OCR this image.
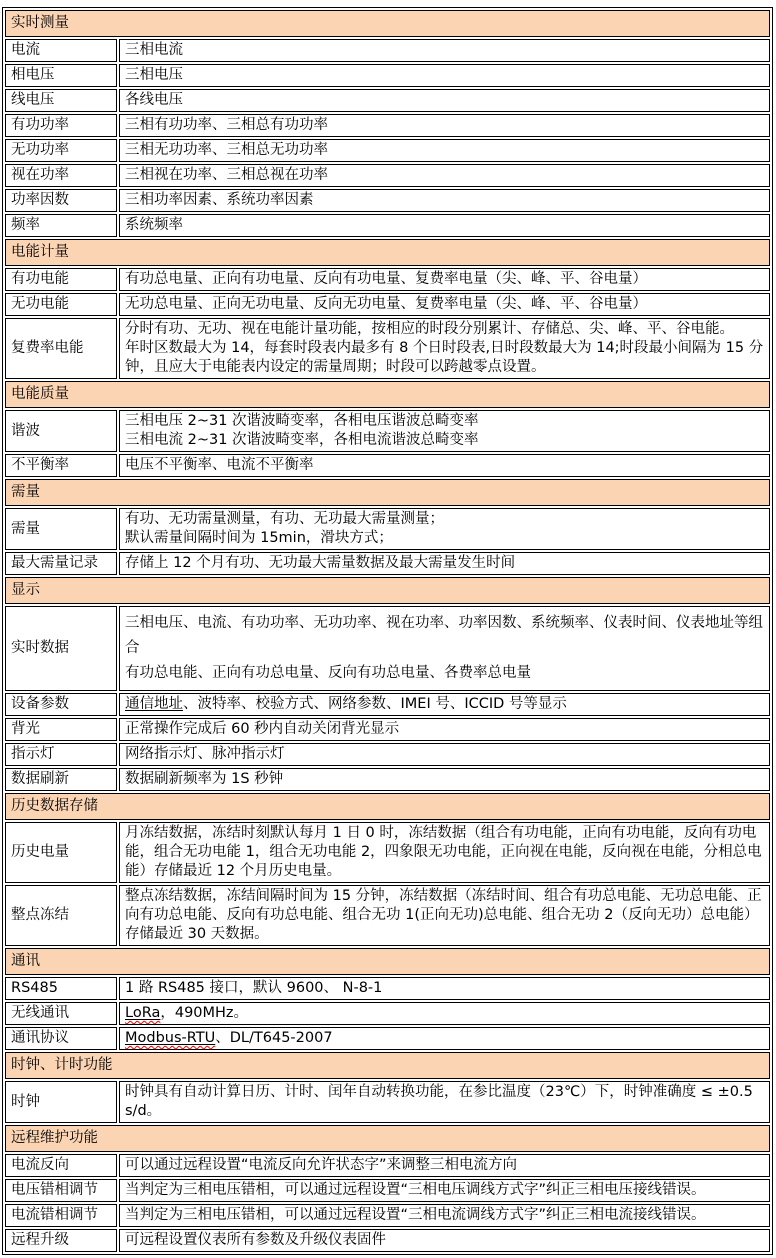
实时测量	
电流	三相电流

相电压	三相电压

线电压	各线电压

有功功率	三相有功功率、三相总有功功率

无功功率	三相无功功率、三相总无功功率

视在功率	三相视在功率、三相总视在功率

功率因数	三相功率因素、系统功率因素

频率	系统频率

电能计量	
有功电能	有功总电量、正向有功电量、反向有功电量、复费率电量（尖、峰、平、谷电量）

无功电能	无功总电量、正向无功电量、反向无功电量、复费率电量（尖、峰、平、谷电量）

复费率电能	分时有功、无功、视在电能计量功能，按相应的时段分别累计、存储总、尖、峰、平、谷电能。
年时区数最大为 14，每套时段表内最多有 8 个日时段表,日时段数最大为 14;时段最小间隔为 15 分钟，且应大于电能表内设定的需量周期；时段可以跨越零点设置。

电能质量	
谐波	三相电压 2~31 次谐波畸变率，各相电压谐波总畸变率
三相电流 2~31 次谐波畸变率，各相电流谐波总畸变率

不平衡率	电压不平衡率、电流不平衡率

需量	
需量	有功、无功需量测量，有功、无功最大需量测量；
默认需量间隔时间为 15min，滑块方式；

最大需量记录	存储上 12 个月有功、无功最大需量数据及最大需量发生时间

显示	
实时数据	三相电压、电流、有功功率、无功功率、视在功率、功率因数、系统频率、仪表时间、仪表地址等组合
有功总电能、正向有功总电量、反向有功总电量、各费率总电量

设备参数	通信地址、波特率、校验方式、网络参数、IMEI 号、ICCID 号等显示

背光	正常操作完成后 60 秒内自动关闭背光显示

指示灯	网络指示灯、脉冲指示灯

数据刷新	数据刷新频率为 1S 秒钟

历史数据存储	
历史电量	月冻结数据，冻结时刻默认每月 1 日 0 时，冻结数据（组合有功电能，正向有功电能，反向有功电能，组合无功电能 1，组合无功电能 2，四象限无功电能，正向视在电能，反向视在电能，分相总电能）存储最近 12 个月历史电量。

整点冻结	整点冻结数据，冻结间隔时间为 15 分钟，冻结数据（冻结时间、组合有功总电能、无功总电能、正向有功总电能、反向有功总电能、组合无功 1(正向无功)总电能、组合无功 2（反向无功）总电能）存储最近 30 天数据。

通讯	
RS485	1 路 RS485 接口，默认 9600、 N-8-1

无线通讯	LoRa，490MHz。

通讯协议	Modbus-RTU、DL/T645-2007

时钟、计时功能	
时钟	时钟具有自动计算日历、计时、闰年自动转换功能，在参比温度（23℃）下，时钟准确度 ≤ ±0.5s/d。

远程维护功能	
电流反向	可以通过远程设置“电流反向允许状态字”来调整三相电流方向

电压错相调节	当判定为三相电压错相，可以通过远程设置“三相电压调线方式字”纠正三相电压接线错误。

电流错相调节	当判定为三相电压错相，可以通过远程设置“三相电流调线方式字”纠正三相电流接线错误。

远程升级	可远程设置仪表所有参数及升级仪表固件
